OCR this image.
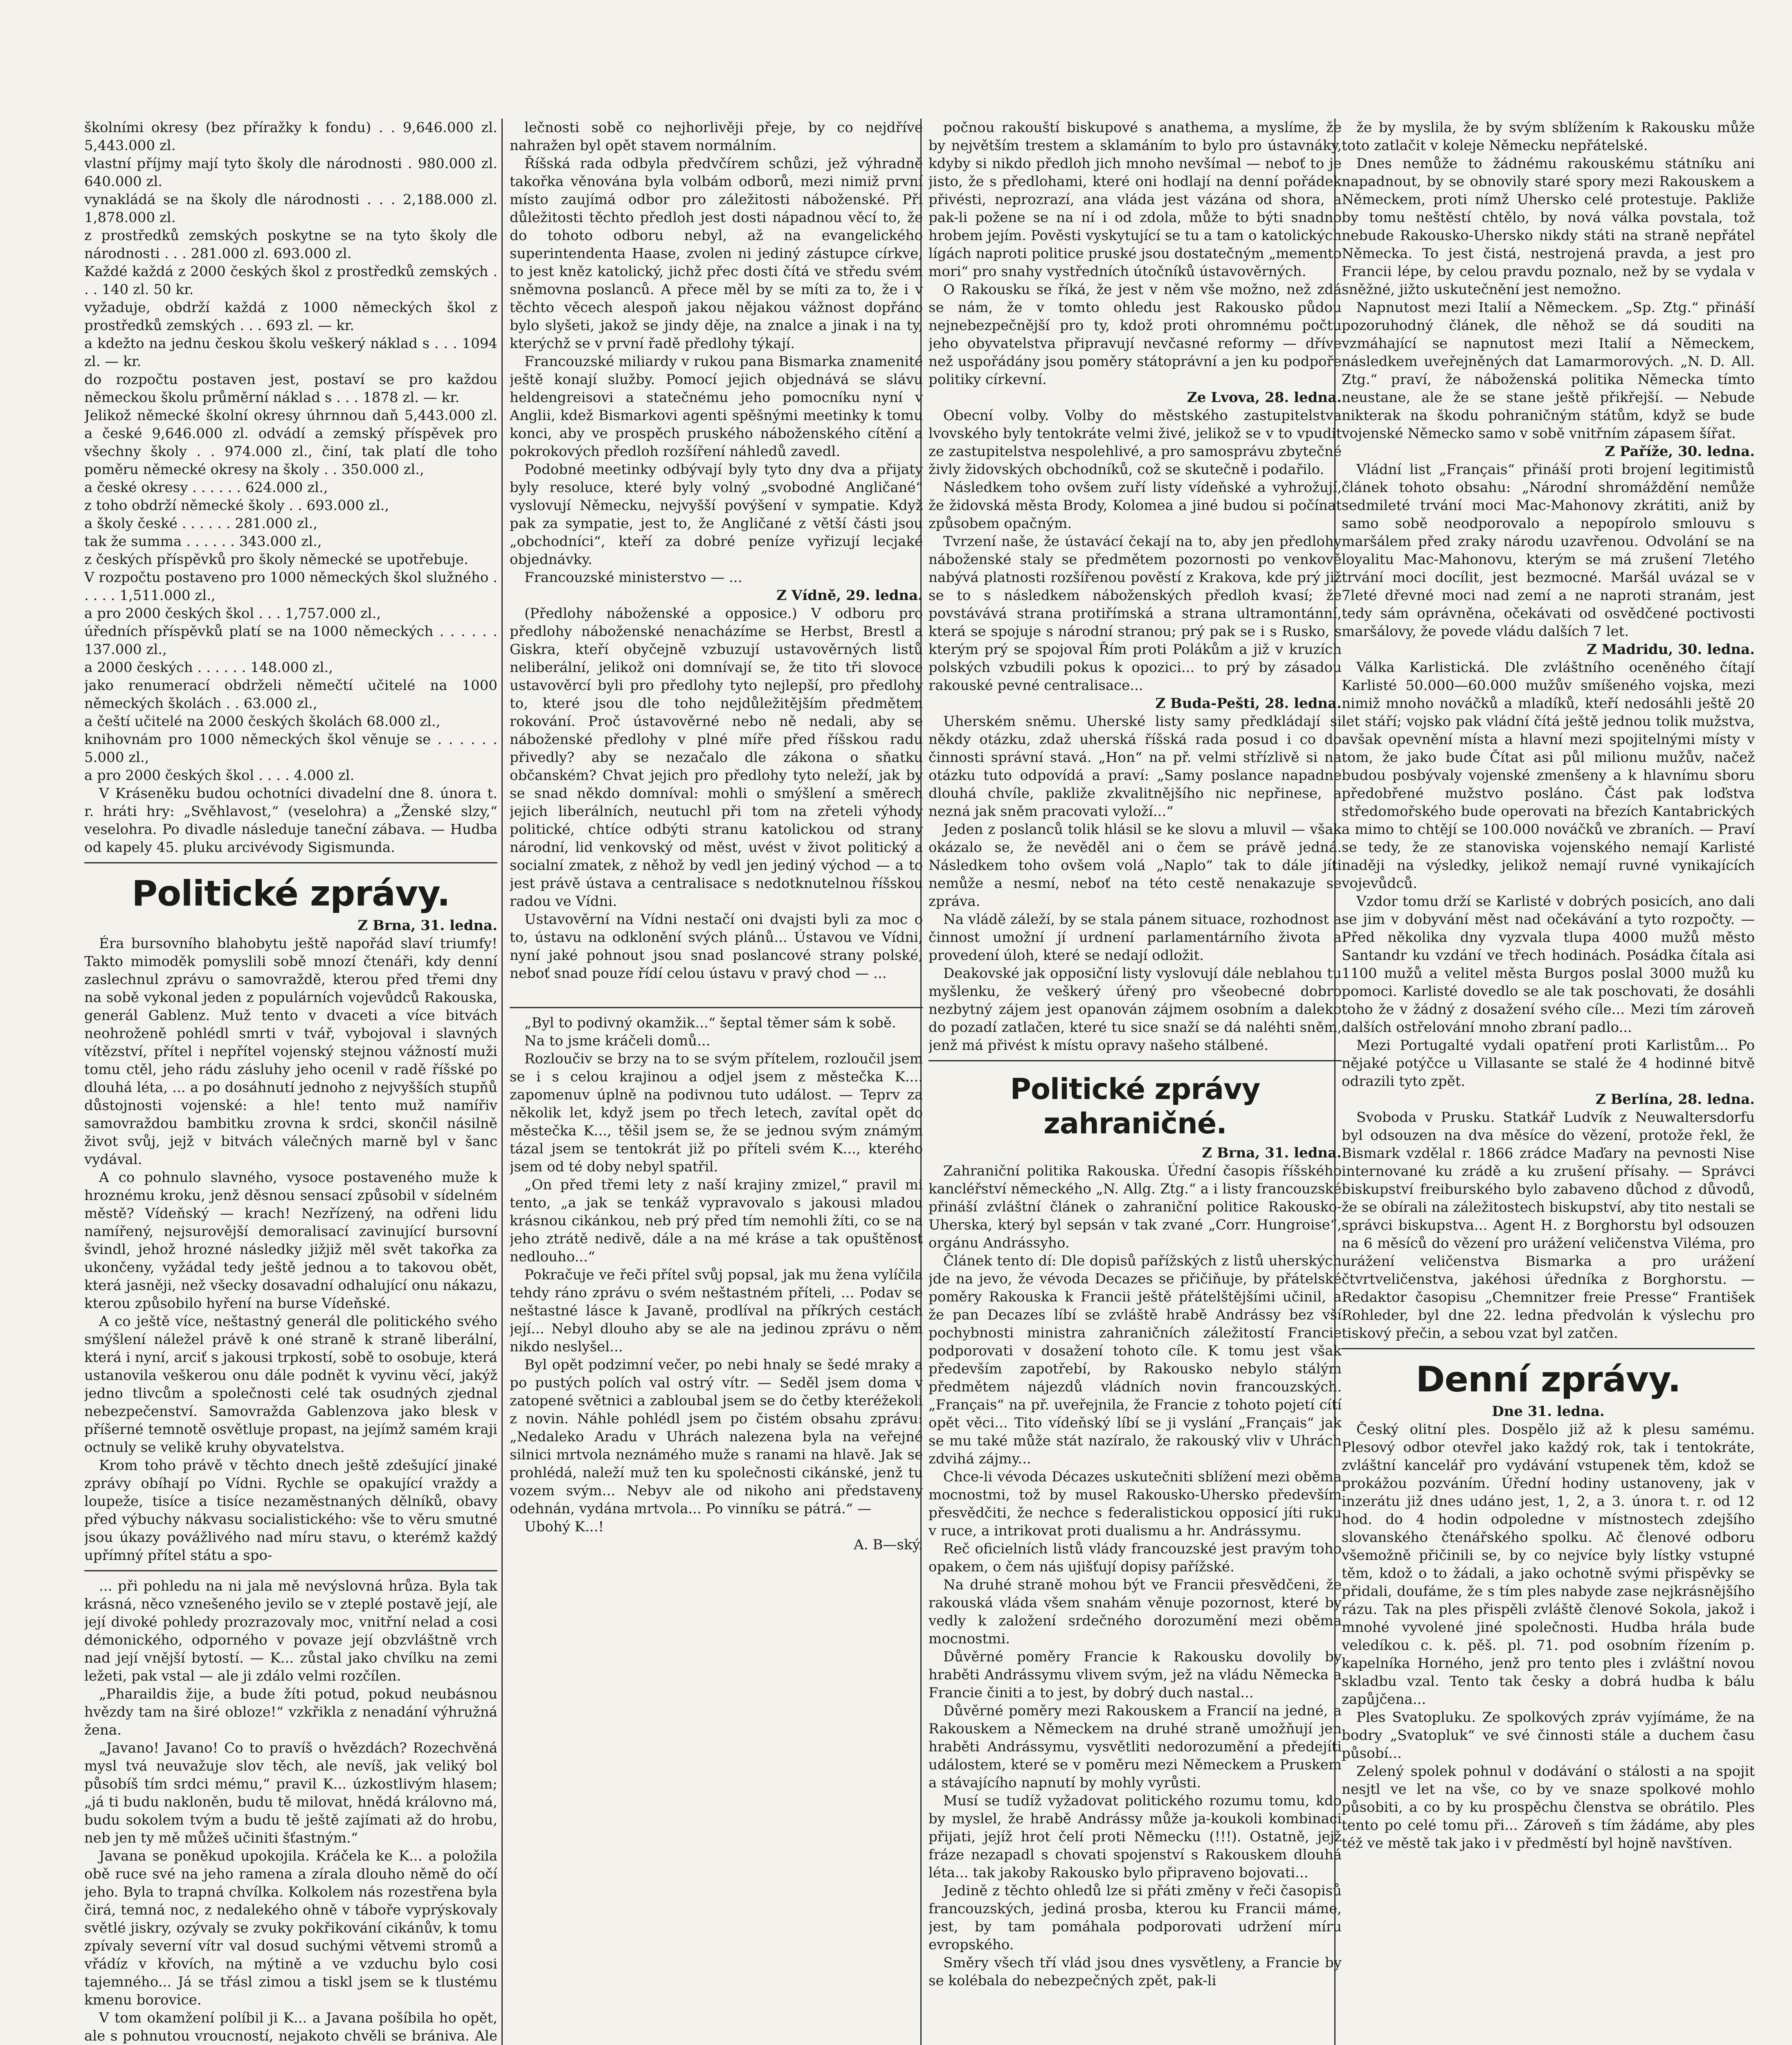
školními okresy (bez příražky k fondu) . . 9,646.000 zl. 5,443.000 zl.

vlastní příjmy mají tyto školy dle národnosti . 980.000 zl. 640.000 zl.

vynakládá se na školy dle národnosti . . . 2,188.000 zl. 1,878.000 zl.

z prostředků zemských poskytne se na tyto školy dle národnosti . . . 281.000 zl. 693.000 zl.

Každé každá z 2000 českých škol z prostředků zemských . . . 140 zl. 50 kr.

vyžaduje, obdrží každá z 1000 německých škol z prostředků zemských . . . 693 zl. — kr.

a kdežto na jednu českou školu veškerý náklad s . . . 1094 zl. — kr.

do rozpočtu postaven jest, postaví se pro každou německou školu průměrní náklad s . . . 1878 zl. — kr.

Jelikož německé školní okresy úhrnnou daň 5,443.000 zl. a české 9,646.000 zl. odvádí a zemský příspěvek pro všechny školy . . 974.000 zl., činí, tak platí dle toho poměru německé okresy na školy . . 350.000 zl.,

a české okresy . . . . . . 624.000 zl.,

z toho obdrží německé školy . . 693.000 zl.,

a školy české . . . . . . 281.000 zl.,

tak že summa . . . . . . 343.000 zl.,

z českých příspěvků pro školy německé se upotřebuje.

V rozpočtu postaveno pro 1000 německých škol služného . . . . . 1,511.000 zl.,

a pro 2000 českých škol . . . 1,757.000 zl.,

úředních příspěvků platí se na 1000 německých . . . . . . 137.000 zl.,

a 2000 českých . . . . . . 148.000 zl.,

jako renumerací obdrželi němečtí učitelé na 1000 německých školách . . 63.000 zl.,

a čeští učitelé na 2000 českých školách 68.000 zl.,

knihovnám pro 1000 německých škol věnuje se . . . . . . 5.000 zl.,

a pro 2000 českých škol . . . . 4.000 zl.

V Kráseněku budou ochotníci divadelní dne 8. února t. r. hráti hry: „Svěhlavost,“ (veselohra) a „Ženské slzy,“ veselohra. Po divadle následuje taneční zábava. — Hudba od kapely 45. pluku arcivévody Sigismunda.

Politické zprávy.

Z Brna, 31. ledna.

Éra bursovního blahobytu ještě napořád slaví triumfy! Takto mimoděk pomyslili sobě mnozí čtenáři, kdy denní zaslechnul zprávu o samovraždě, kterou před třemi dny na sobě vykonal jeden z populárních vojevůdců Rakouska, generál Gablenz. Muž tento v dvaceti a více bitvách neohroženě pohlédl smrti v tvář, vybojoval i slavných vítězství, přítel i nepřítel vojenský stejnou vážností muži tomu ctěl, jeho rádu zásluhy jeho ocenil v radě říšské po dlouhá léta, ... a po dosáhnutí jednoho z nejvyšších stupňů důstojnosti vojenské: a hle! tento muž namířiv samovraždou bambitku zrovna k srdci, skončil násilně život svůj, jejž v bitvách válečných marně byl v šanc vydával.

A co pohnulo slavného, vysoce postaveného muže k hroznému kroku, jenž děsnou sensací způsobil v sídelném městě? Vídeňský — krach! Nezřízený, na odřeni lidu namířený, nejsurovější demoralisací zavinující bursovní švindl, jehož hrozné následky jižjiž měl svět takořka za ukončeny, vyžádal tedy ještě jednou a to takovou obět, která jasněji, než všecky dosavadní odhalující onu nákazu, kterou způsobilo hyření na burse Vídeňské.

A co ještě více, neštastný generál dle politického svého smýšlení náležel právě k oné straně k straně liberální, která i nyní, arciť s jakousi trpkostí, sobě to osobuje, která ustanovila veškerou onu dále podnět k vyvinu věcí, jakýž jedno tlivcům a společnosti celé tak osudných zjednal nebezpečenství. Samovražda Gablenzova jako blesk v příšerné temnotě osvětluje propast, na jejímž samém kraji octnuly se velikě kruhy obyvatelstva.

Krom toho právě v těchto dnech ještě zdešující jinaké zprávy obíhají po Vídni. Rychle se opakující vraždy a loupeže, tisíce a tisíce nezaměstnaných dělníků, obavy před výbuchy nákvasu socialistického: vše to věru smutné jsou úkazy povážlivého nad míru stavu, o kterémž každý upřímný přítel státu a spo-

... při pohledu na ni jala mě nevýslovná hrůza. Byla tak krásná, něco vznešeného jevilo se v zteplé postavě její, ale její divoké pohledy prozrazovaly moc, vnitřní nelad a cosi démonického, odporného v povaze její obzvláštně vrch nad její vnější bytostí. — K... zůstal jako chvílku na zemi ležeti, pak vstal — ale ji zdálo velmi rozčílen.

„Pharaildis žije, a bude žíti potud, pokud neubásnou hvězdy tam na širé obloze!“ vzkřikla z nenadání výhružná žena.

„Javano! Javano! Co to pravíš o hvězdách? Rozechvěná mysl tvá neuvažuje slov těch, ale nevíš, jak veliký bol působíš tím srdci mému,“ pravil K... úzkostlivým hlasem; „já ti budu nakloněn, budu tě milovat, hnědá královno má, budu sokolem tvým a budu tě ještě zajímati až do hrobu, neb jen ty mě můžeš učiniti šťastným.“

Javana se poněkud upokojila. Kráčela ke K... a položila obě ruce své na jeho ramena a zírala dlouho němě do očí jeho. Byla to trapná chvílka. Kolkolem nás rozestřena byla čirá, temná noc, z nedalekého ohně v táboře vyprýskovaly světlé jiskry, ozývaly se zvuky pokřikování cikánův, k tomu zpívaly severní vítr val dosud suchými větvemi stromů a vřádíz v křovích, na mýtině a ve vzduchu bylo cosi tajemného... Já se třásl zimou a tiskl jsem se k tlustému kmenu borovice.

V tom okamžení políbil ji K... a Javana pošíbila ho opět, ale s pohnutou vroucností, nejakoto chvěli se brániva. Ale

lečnosti sobě co nejhorlivěji přeje, by co nejdříve nahražen byl opět stavem normálním.

Říšská rada odbyla předvčírem schůzi, jež výhradně takořka věnována byla volbám odborů, mezi nimiž první místo zaujímá odbor pro záležitosti náboženské. Při důležitosti těchto předloh jest dosti nápadnou věcí to, že do tohoto odboru nebyl, až na evangelického superintendenta Haase, zvolen ni jediný zástupce církve, to jest kněz katolický, jichž přec dosti čítá ve středu svém sněmovna poslanců. A přece měl by se míti za to, že i v těchto věcech alespoň jakou nějakou vážnost dopřáno bylo slyšeti, jakož se jindy děje, na znalce a jinak i na ty, kterýchž se v první řadě předlohy týkají.

Francouzské miliardy v rukou pana Bismarka znamenité ještě konají služby. Pomocí jejich objednává se slávu heldengreisovi a statečnému jeho pomocníku nyní v Anglii, kdež Bismarkovi agenti spěšnými meetinky k tomu konci, aby ve prospěch pruského náboženského cítění a pokrokových předloh rozšíření náhledů zavedl.

Podobné meetinky odbývají byly tyto dny dva a přijaty byly resoluce, které byly volný „svobodné Angličané“ vyslovují Německu, nejvyšší povýšení v sympatie. Když pak za sympatie, jest to, že Angličané z větší části jsou „obchodníci“, kteří za dobré peníze vyřizují lecjaké objednávky.

Francouzské ministerstvo — ...

Z Vídně, 29. ledna.

(Předlohy náboženské a opposice.) V odboru pro předlohy náboženské nenacházíme se Herbst, Brestl a Giskra, kteří obyčejně vzbuzují ustavověrných listů neliberální, jelikož oni domnívají se, že tito tři slovoce ustavověrcí byli pro předlohy tyto nejlepší, pro předlohy to, které jsou dle toho nejdůležitějším předmětem rokování. Proč ústavověrné nebo ně nedali, aby se náboženské předlohy v plné míře před říšskou radu přivedly? aby se nezačalo dle zákona o sňatku občanském? Chvat jejich pro předlohy tyto neleží, jak by se snad někdo domníval: mohli o smýšlení a směrech jejich liberálních, neutuchl při tom na zřeteli výhody politické, chtíce odbýti stranu katolickou od strany národní, lid venkovský od měst, uvést v život politický a socialní zmatek, z něhož by vedl jen jediný východ — a to jest právě ústava a centralisace s nedotknutelnou říšskou radou ve Vídni.

Ustavověrní na Vídni nestačí oni dvajsti byli za moc o to, ústavu na odklonění svých plánů... Ústavou ve Vídni, nyní jaké pohnout jsou snad poslancové strany polské, neboť snad pouze řídí celou ústavu v pravý chod — ...

„Byl to podivný okamžik...“ šeptal těmer sám k sobě.

Na to jsme kráčeli domů...

Rozloučiv se brzy na to se svým přítelem, rozloučil jsem se i s celou krajinou a odjel jsem z městečka K.... zapomenuv úplně na podivnou tuto událost. — Teprv za několik let, když jsem po třech letech, zavítal opět do městečka K..., těšil jsem se, že se jednou svým známým tázal jsem se tentokrát již po příteli svém K..., kterého jsem od té doby nebyl spatřil.

„On před třemi lety z naší krajiny zmizel,“ pravil mi tento, „a jak se tenkáž vypravovalo s jakousi mladou krásnou cikánkou, neb prý před tím nemohli žíti, co se na jeho ztrátě nedivě, dále a na mé kráse a tak opuštěnost nedlouho...“

Pokračuje ve řeči přítel svůj popsal, jak mu žena vylíčila tehdy ráno zprávu o svém neštastném příteli, ... Podav se neštastné lásce k Javaně, prodlíval na příkrých cestách její... Nebyl dlouho aby se ale na jedinou zprávu o něm nikdo neslyšel...

Byl opět podzimní večer, po nebi hnaly se šedé mraky a po pustých polích val ostrý vítr. — Seděl jsem doma v zatopené světnici a zabloubal jsem se do četby kteréžekoli z novin. Náhle pohlédl jsem po čistém obsahu zprávu: „Nedaleko Aradu v Uhrách nalezena byla na veřejné silnici mrtvola neznámého muže s ranami na hlavě. Jak se prohlédá, naleží muž ten ku společnosti cikánské, jenž tu vozem svým... Nebyv ale od nikoho ani představeny odehnán, vydána mrtvola... Po vinníku se pátrá.“ —

Ubohý K...!

A. B—ský.

počnou rakouští biskupové s anathema, a myslíme, že by největším trestem a sklamáním to bylo pro ústavnáky, kdyby si nikdo předloh jich mnoho nevšímal — neboť to je jisto, že s předlohami, které oni hodlají na denní pořádek přivésti, neprozrazí, ana vláda jest vázána od shora, a pak-li požene se na ní i od zdola, může to býti snadno hrobem jejím. Pověsti vyskytující se tu a tam o katolických lígách naproti politice pruské jsou dostatečným „memento mori“ pro snahy vystředních útočníků ústavověrných.

O Rakousku se říká, že jest v něm vše možno, než zdá se nám, že v tomto ohledu jest Rakousko půdou nejnebezpečnější pro ty, kdož proti ohromnému počtu jeho obyvatelstva připravují nevčasné reformy — dříve než uspořádány jsou poměry státoprávní a jen ku podpoře politiky církevní.

Ze Lvova, 28. ledna.

Obecní volby. Volby do městského zastupitelstva lvovského byly tentokráte velmi živé, jelikož se v to vpudit ze zastupitelstva nespolehlivé, a pro samosprávu zbytečné živly židovských obchodníků, což se skutečně i podařilo.

Následkem toho ovšem zuří listy vídeňské a vyhrožují, že židovská města Brody, Kolomea a jiné budou si počínat způsobem opačným.

Tvrzení naše, že ústavácí čekají na to, aby jen předlohy náboženské staly se předmětem pozornosti po venkově nabývá platnosti rozšířenou pověstí z Krakova, kde prý již se to s následkem náboženských předloh kvasí; že povstávává strana protiřímská a strana ultramontánní, která se spojuje s národní stranou; prý pak se i s Rusko, s kterým prý se spojoval Řím proti Polákům a již v kruzích polských vzbudili pokus k opozici... to prý by zásadou rakouské pevné centralisace...

Z Buda-Pešti, 28. ledna.

Uherském sněmu. Uherské listy samy předkládají si někdy otázku, zdaž uherská říšská rada posud i co do činnosti správní stavá. „Hon“ na př. velmi střízlivě si na otázku tuto odpovídá a praví: „Samy poslance napadne dlouhá chvíle, pakliže zkvalitnějšího nic nepřinese, a nezná jak sněm pracovati vyloží...“

Jeden z poslanců tolik hlásil se ke slovu a mluvil — však okázalo se, že nevěděl ani o čem se právě jedná. Následkem toho ovšem volá „Naplo“ tak to dále jíti nemůže a nesmí, neboť na této cestě nenakazuje se zpráva.

Na vládě záleží, by se stala pánem situace, rozhodnost a činnost umožní jí urdnení parlamentárního života a provedení úloh, které se nedají odložit.

Deakovské jak opposiční listy vyslovují dále neblahou tu myšlenku, že veškerý úřený pro všeobecné dobro nezbytný zájem jest opanován zájmem osobním a daleko do pozadí zatlačen, které tu sice snaží se dá naléhti sněm, jenž má přivést k místu opravy našeho stálbené.

Politické zprávy zahraničné.

Z Brna, 31. ledna.

Zahraniční politika Rakouska. Úřední časopis říšského kancléřství německého „N. Allg. Ztg.“ a i listy francouzské přináší zvláštní článek o zahraniční politice Rakousko-Uherska, který byl sepsán v tak zvané „Corr. Hungroise“, orgánu Andrássyho.

Článek tento dí: Dle dopisů pařížských z listů uherských jde na jevo, že vévoda Decazes se přičiňuje, by přátelské poměry Rakouska k Francii ještě přátelštějšími učinil, a že pan Decazes líbí se zvláště hrabě Andrássy bez vší pochybnosti ministra zahraničních záležitostí Francie podporovati v dosažení tohoto cíle. K tomu jest však především zapotřebí, by Rakousko nebylo stálým předmětem nájezdů vládních novin francouzských. „Français“ na př. uveřejnila, že Francie z tohoto pojetí cítí opět věci... Tito vídeňský líbí se ji vyslání „Français“ jak se mu také může stát nazíralo, že rakouský vliv v Uhrách zdvihá zájmy...

Chce-li vévoda Décazes uskutečniti sblížení mezi oběma mocnostmi, tož by musel Rakousko-Uhersko především přesvědčiti, že nechce s federalistickou opposicí jíti ruku v ruce, a intrikovat proti dualismu a hr. Andrássymu.

Reč oficielních listů vlády francouzské jest pravým toho opakem, o čem nás ujišťují dopisy pařížské.

Na druhé straně mohou být ve Francii přesvědčeni, že rakouská vláda všem snahám věnuje pozornost, které by vedly k založení srdečného dorozumění mezi oběma mocnostmi.

Důvěrné poměry Francie k Rakousku dovolily by hraběti Andrássymu vlivem svým, jež na vládu Německa a Francie činiti a to jest, by dobrý duch nastal...

Důvěrné poměry mezi Rakouskem a Francií na jedné, a Rakouskem a Německem na druhé straně umožňují jen hraběti Andrássymu, vysvětliti nedorozumění a předejíti událostem, které se v poměru mezi Německem a Pruskem a stávajícího napnutí by mohly vyrůsti.

Musí se tudíž vyžadovat politického rozumu tomu, kdo by myslel, že hrabě Andrássy může ja-koukoli kombinaci přijati, jejíž hrot čelí proti Německu (!!!). Ostatně, jejž fráze nezapadl s chovati spojenství s Rakouskem dlouhá léta... tak jakoby Rakousko bylo připraveno bojovati...

Jedině z těchto ohledů lze si přáti změny v řeči časopisů francouzských, jediná prosba, kterou ku Francii máme, jest, by tam pomáhala podporovati udržení míru evropského.

Směry všech tří vlád jsou dnes vysvětleny, a Francie by se kolébala do nebezpečných zpět, pak-li

že by myslila, že by svým sblížením k Rakousku může toto zatlačit v koleje Německu nepřátelské.

Dnes nemůže to žádnému rakouskému státníku ani napadnout, by se obnovily staré spory mezi Rakouskem a Německem, proti nímž Uhersko celé protestuje. Pakliže by tomu neštěstí chtělo, by nová válka povstala, tož nebude Rakousko-Uhersko nikdy státi na straně nepřátel Německa. To jest čistá, nestrojená pravda, a jest pro Francii lépe, by celou pravdu poznalo, než by se vydala v sněžné, jižto uskutečnění jest nemožno.

Napnutost mezi Italií a Německem. „Sp. Ztg.“ přináší pozoruhodný článek, dle něhož se dá souditi na vzmáhající se napnutost mezi Italií a Německem, následkem uveřejněných dat Lamarmorových. „N. D. All. Ztg.“ praví, že náboženská politika Německa tímto neustane, ale že se stane ještě přikřejší. — Nebude nikterak na škodu pohraničným státům, když se bude vojenské Německo samo v sobě vnitřním zápasem šířat.

Z Paříže, 30. ledna.

Vládní list „Français“ přináší proti brojení legitimistů článek tohoto obsahu: „Národní shromáždění nemůže sedmileté trvání moci Mac-Mahonovy zkrátiti, aniž by samo sobě neodporovalo a nepopírolo smlouvu s maršálem před zraky národu uzavřenou. Odvolání se na loyalitu Mac-Mahonovu, kterým se má zrušení 7letého trvání moci docílit, jest bezmocné. Maršál uvázal se v 7leté dřevné moci nad zemí a ne naproti stranám, jest tedy sám oprávněna, očekávati od osvědčené poctivosti maršálovy, že povede vládu dalších 7 let.

Z Madridu, 30. ledna.

Válka Karlistická. Dle zvláštního oceněného čítají Karlisté 50.000—60.000 mužův smíšeného vojska, mezi nimiž mnoho nováčků a mladíků, kteří nedosáhli ještě 20 let stáří; vojsko pak vládní čítá ještě jednou tolik mužstva, avšak opevnění místa a hlavní mezi spojitelnými místy v tom, že jako bude Čítat asi půl milionu mužův, načež budou posbývaly vojenské zmenšeny a k hlavnímu sboru předobřené mužstvo posláno. Část pak loďstva středomořského bude operovati na březích Kantabrických a mimo to chtějí se 100.000 nováčků ve zbraních. — Praví se tedy, že ze stanoviska vojenského nemají Karlisté naději na výsledky, jelikož nemají ruvné vynikajících vojevůdců.

Vzdor tomu drží se Karlisté v dobrých posicích, ano dali se jim v dobyvání měst nad očekávání a tyto rozpočty. — Před několika dny vyzvala tlupa 4000 mužů město Santandr ku vzdání ve třech hodinách. Posádka čítala asi 1100 mužů a velitel města Burgos poslal 3000 mužů ku pomoci. Karlisté dovedlo se ale tak poschovati, že dosáhli toho že v žádný z dosažení svého cíle... Mezi tím zároveň dalších ostřelování mnoho zbraní padlo...

Mezi Portugalté vydali opatření proti Karlistům... Po nějaké potýčce u Villasante se stalé že 4 hodinné bitvě odrazili tyto zpět.

Z Berlína, 28. ledna.

Svoboda v Prusku. Statkář Ludvík z Neuwaltersdorfu byl odsouzen na dva měsíce do vězení, protože řekl, že Bismark vzdělal r. 1866 zrádce Maďary na pevnosti Nise internované ku zrádě a ku zrušení přísahy. — Správci biskupství freiburského bylo zabaveno důchod z důvodů, že se obírali na záležitostech biskupství, aby tito nestali se správci biskupstva... Agent H. z Borghorstu byl odsouzen na 6 měsíců do vězení pro urážení veličenstva Viléma, pro urážení veličenstva Bismarka a pro urážení čtvrtveličenstva, jakéhosi úředníka z Borghorstu. — Redaktor časopisu „Chemnitzer freie Presse“ František Rohleder, byl dne 22. ledna předvolán k výslechu pro tiskový přečin, a sebou vzat byl zatčen.

Denní zprávy.

Dne 31. ledna.

Český olitní ples. Dospělo již až k plesu samému. Plesový odbor otevřel jako každý rok, tak i tentokráte, zvláštní kancelář pro vydávání vstupenek těm, kdož se prokážou pozváním. Úřední hodiny ustanoveny, jak v inzerátu již dnes udáno jest, 1, 2, a 3. února t. r. od 12 hod. do 4 hodin odpoledne v místnostech zdejšího slovanského čtenářského spolku. Ač členové odboru všemožně přičinili se, by co nejvíce byly lístky vstupné těm, kdož o to žádali, a jako ochotně svými přispěvky se přidali, doufáme, že s tím ples nabyde zase nejkrásnějšího rázu. Tak na ples přispěli zvláště členové Sokola, jakož i mnohé vyvolené jiné společnosti. Hudba hrála bude veledíkou c. k. pěš. pl. 71. pod osobním řízením p. kapelníka Horného, jenž pro tento ples i zvláštní novou skladbu vzal. Tento tak česky a dobrá hudba k bálu zapůjčena...

Ples Svatopluku. Ze spolkových zpráv vyjímáme, že na bodry „Svatopluk“ ve své činnosti stále a duchem času působí...

Zelený spolek pohnul v dodávání o stálosti a na spojit nesjtl ve let na vše, co by ve snaze spolkové mohlo působiti, a co by ku prospěchu členstva se obrátilo. Ples tento po celé tomu při... Zároveň s tím žádáme, aby ples též ve městě tak jako i v předměstí byl hojně navštíven.
